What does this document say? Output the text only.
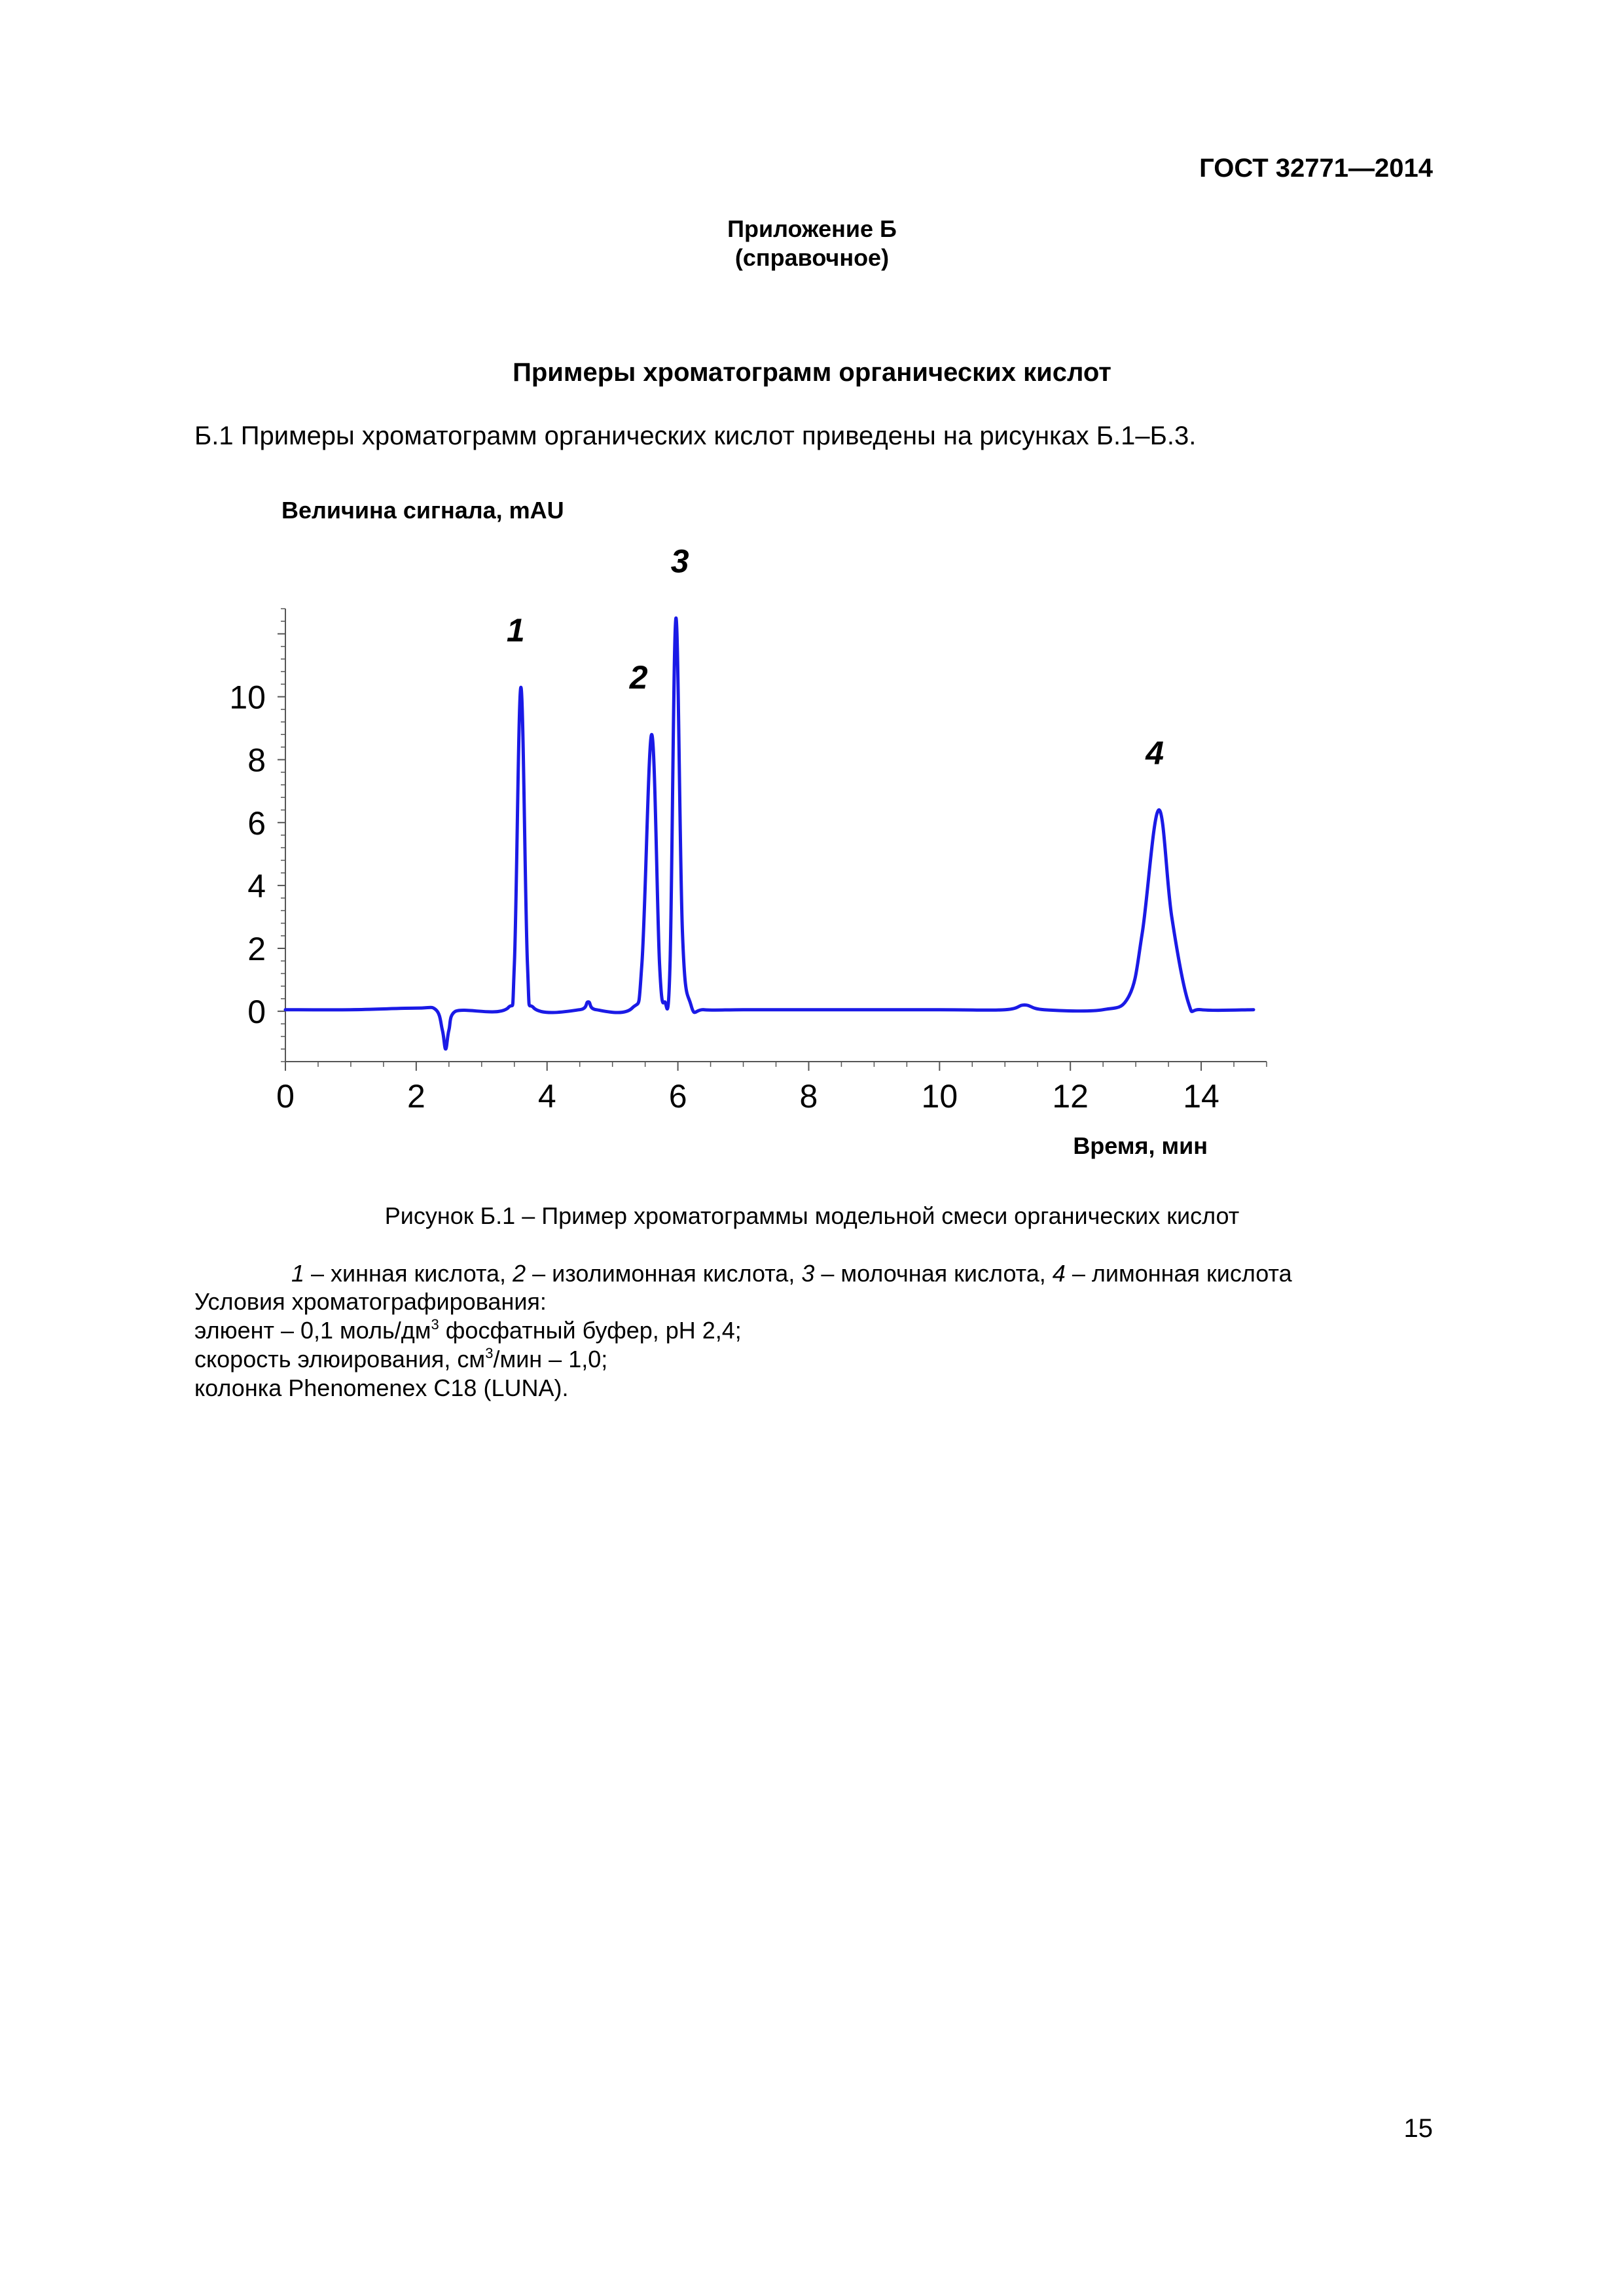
ГОСТ 32771—2014
Приложение Б
(справочное)
Примеры хроматограмм органических кислот
Б.1 Примеры хроматограмм органических кислот приведены на рисунках Б.1–Б.3.
Величина сигнала, mAU
0	2	4	6	8	10	12	14
0
2
4
6
8
10
1
2
3
4
Время, мин
Рисунок Б.1 – Пример хроматограммы модельной смеси органических кислот
1 – хинная кислота, 2 – изолимонная кислота, 3 – молочная кислота, 4 – лимонная кислота
Условия хроматографирования:
элюент – 0,1 моль/$дм^3$ фосфатный буфер, рН 2,4;
скорость элюирования, $см^3$/мин – 1,0;
колонка Phenomenex C18 (LUNA).
15
